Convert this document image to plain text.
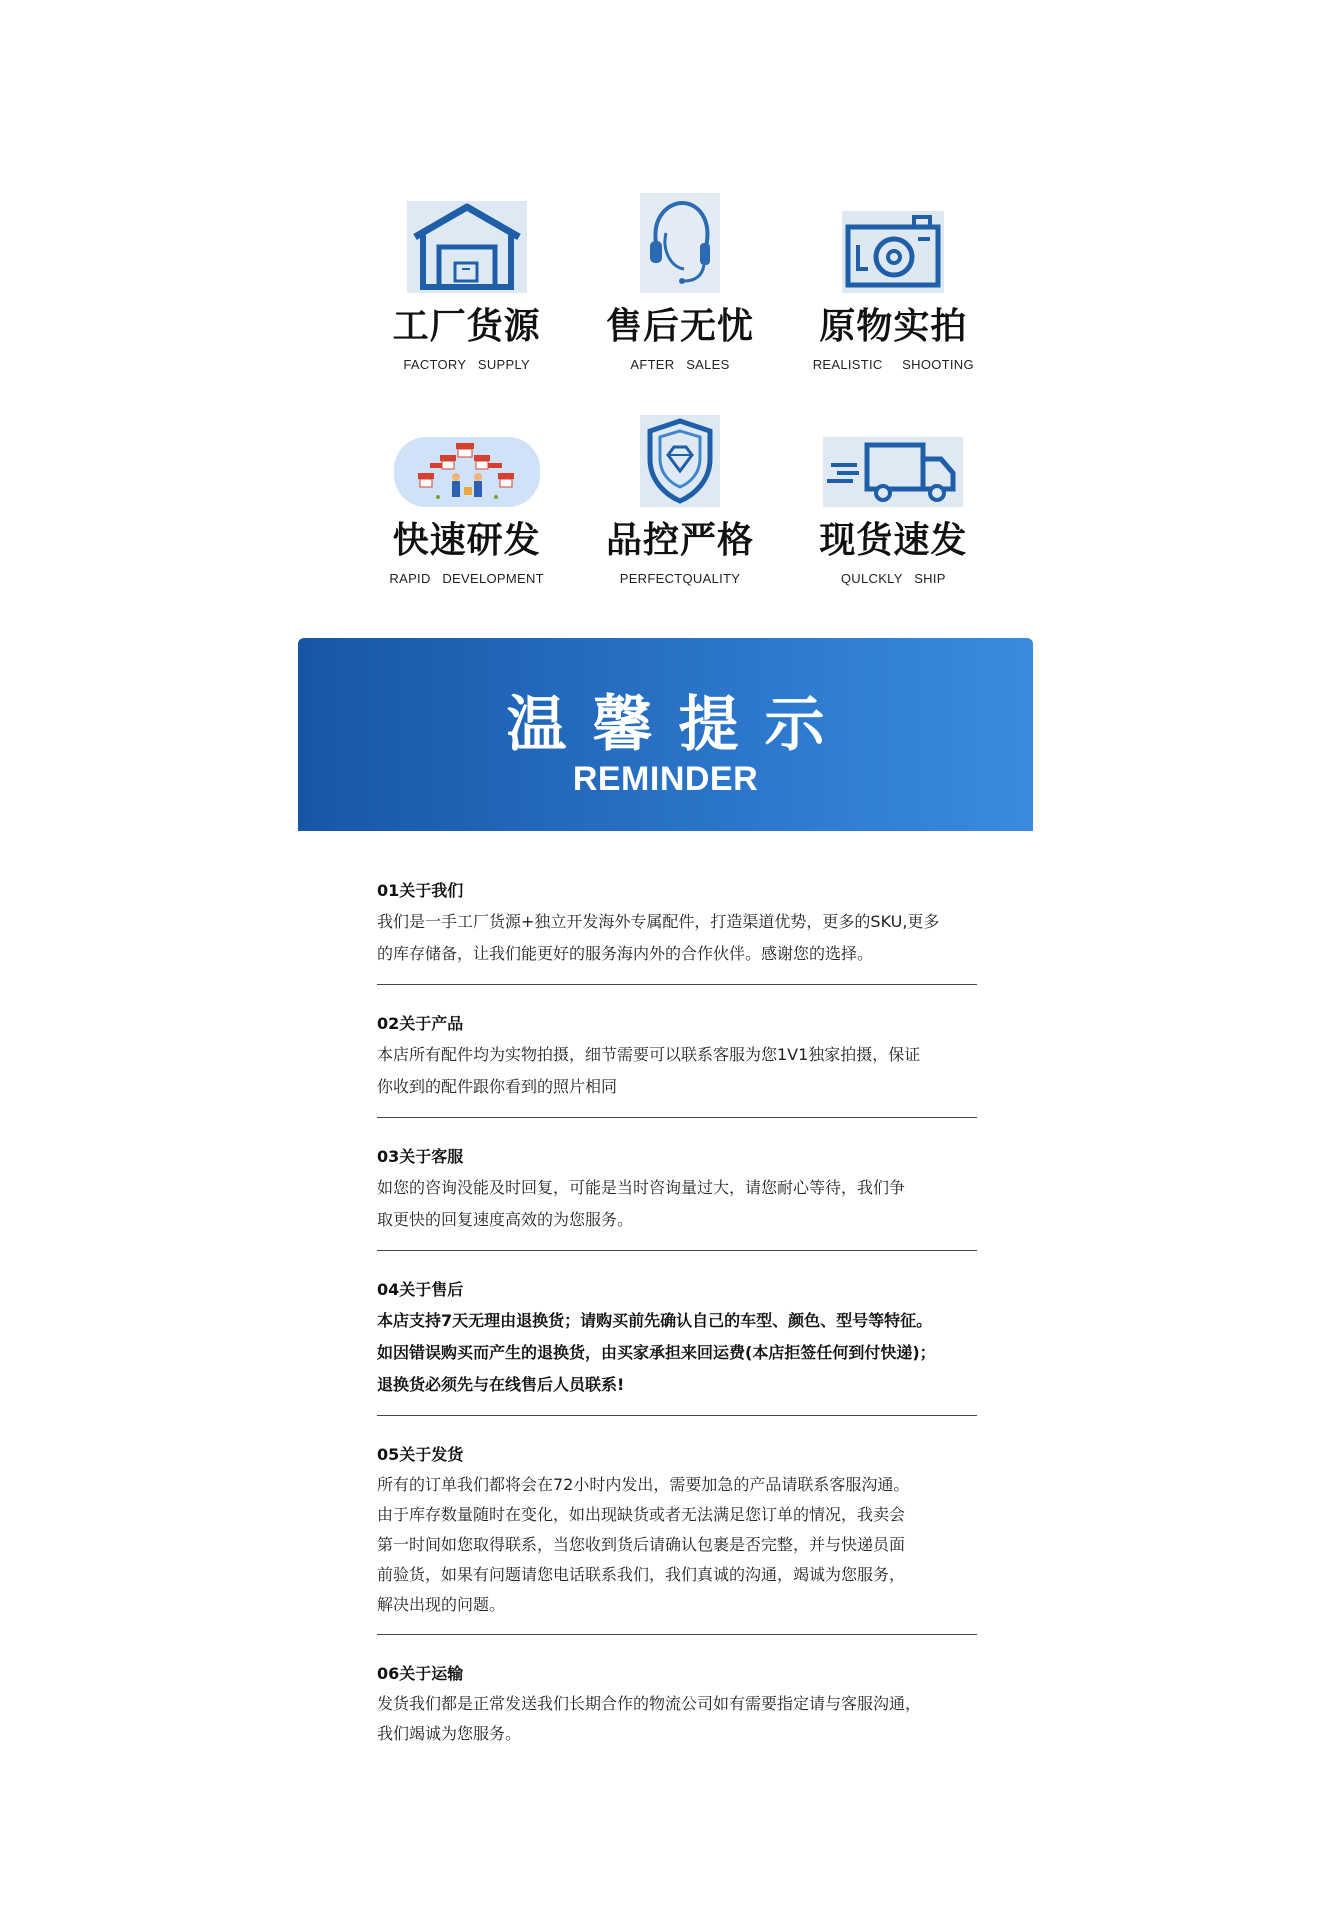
工厂货源
FACTORY   SUPPLY
售后无忧
AFTER   SALES
原物实拍
REALISTIC     SHOOTING
快速研发
RAPID   DEVELOPMENT
品控严格
PERFECTQUALITY
现货速发
QULCKLY   SHIP
温馨提示
REMINDER
01关于我们
我们是一手工厂货源+独立开发海外专属配件，打造渠道优势，更多的SKU,更多
的库存储备，让我们能更好的服务海内外的合作伙伴。感谢您的选择。
02关于产品
本店所有配件均为实物拍摄，细节需要可以联系客服为您1V1独家拍摄，保证
你收到的配件跟你看到的照片相同
03关于客服
如您的咨询没能及时回复，可能是当时咨询量过大，请您耐心等待，我们争
取更快的回复速度高效的为您服务。
04关于售后
本店支持7天无理由退换货；请购买前先确认自己的车型、颜色、型号等特征。
如因错误购买而产生的退换货，由买家承担来回运费(本店拒签任何到付快递)；
退换货必须先与在线售后人员联系!
05关于发货
所有的订单我们都将会在72小时内发出，需要加急的产品请联系客服沟通。
由于库存数量随时在变化，如出现缺货或者无法满足您订单的情况，我卖会
第一时间如您取得联系，当您收到货后请确认包裹是否完整，并与快递员面
前验货，如果有问题请您电话联系我们，我们真诚的沟通，竭诚为您服务，
解决出现的问题。
06关于运输
发货我们都是正常发送我们长期合作的物流公司如有需要指定请与客服沟通，
我们竭诚为您服务。
